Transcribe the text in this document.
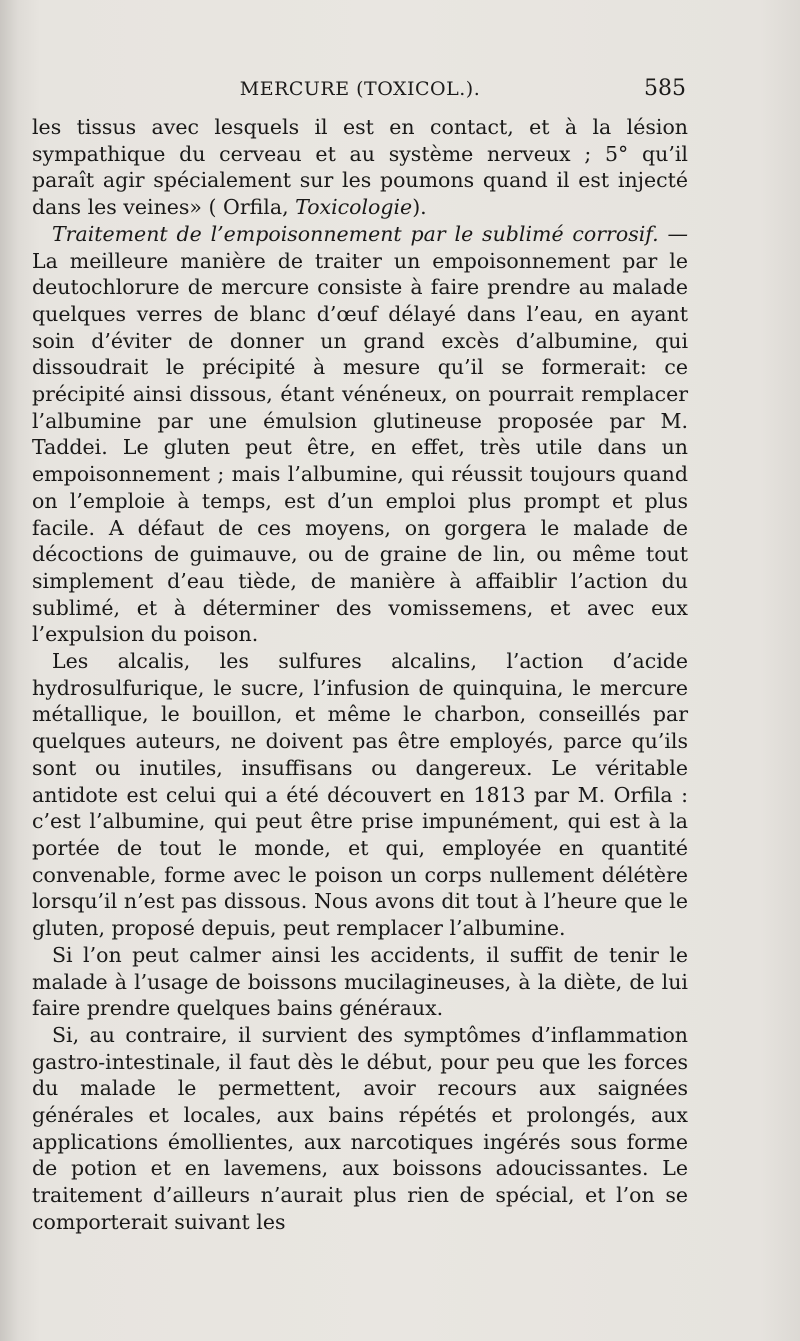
MERCURE (TOXICOL.).	585

les tissus avec lesquels il est en contact, et à la lésion sympathique du cerveau et au système nerveux ; 5° qu’il paraît agir spécialement sur les poumons quand il est injecté dans les veines» ( Orfila, Toxicologie).

Traitement de l’empoisonnement par le sublimé corrosif. — La meilleure manière de traiter un empoisonnement par le deutochlorure de mercure consiste à faire prendre au malade quelques verres de blanc d’œuf délayé dans l’eau, en ayant soin d’éviter de donner un grand excès d’albumine, qui dissoudrait le précipité à mesure qu’il se formerait: ce précipité ainsi dissous, étant vénéneux, on pourrait remplacer l’albumine par une émulsion glutineuse proposée par M. Taddei. Le gluten peut être, en effet, très utile dans un empoisonnement ; mais l’albumine, qui réussit toujours quand on l’emploie à temps, est d’un emploi plus prompt et plus facile. A défaut de ces moyens, on gorgera le malade de décoctions de guimauve, ou de graine de lin, ou même tout simplement d’eau tiède, de manière à affaiblir l’action du sublimé, et à déterminer des vomissemens, et avec eux l’expulsion du poison.

Les alcalis, les sulfures alcalins, l’action d’acide hydrosulfurique, le sucre, l’infusion de quinquina, le mercure métallique, le bouillon, et même le charbon, conseillés par quelques auteurs, ne doivent pas être employés, parce qu’ils sont ou inutiles, insuffisans ou dangereux. Le véritable antidote est celui qui a été découvert en 1813 par M. Orfila : c’est l’albumine, qui peut être prise impunément, qui est à la portée de tout le monde, et qui, employée en quantité convenable, forme avec le poison un corps nullement délétère lorsqu’il n’est pas dissous. Nous avons dit tout à l’heure que le gluten, proposé depuis, peut remplacer l’albumine.

Si l’on peut calmer ainsi les accidents, il suffit de tenir le malade à l’usage de boissons mucilagineuses, à la diète, de lui faire prendre quelques bains généraux.

Si, au contraire, il survient des symptômes d’inflammation gastro-intestinale, il faut dès le début, pour peu que les forces du malade le permettent, avoir recours aux saignées générales et locales, aux bains répétés et prolongés, aux applications émollientes, aux narcotiques ingérés sous forme de potion et en lavemens, aux boissons adoucissantes. Le traitement d’ailleurs n’aurait plus rien de spécial, et l’on se comporterait suivant les
